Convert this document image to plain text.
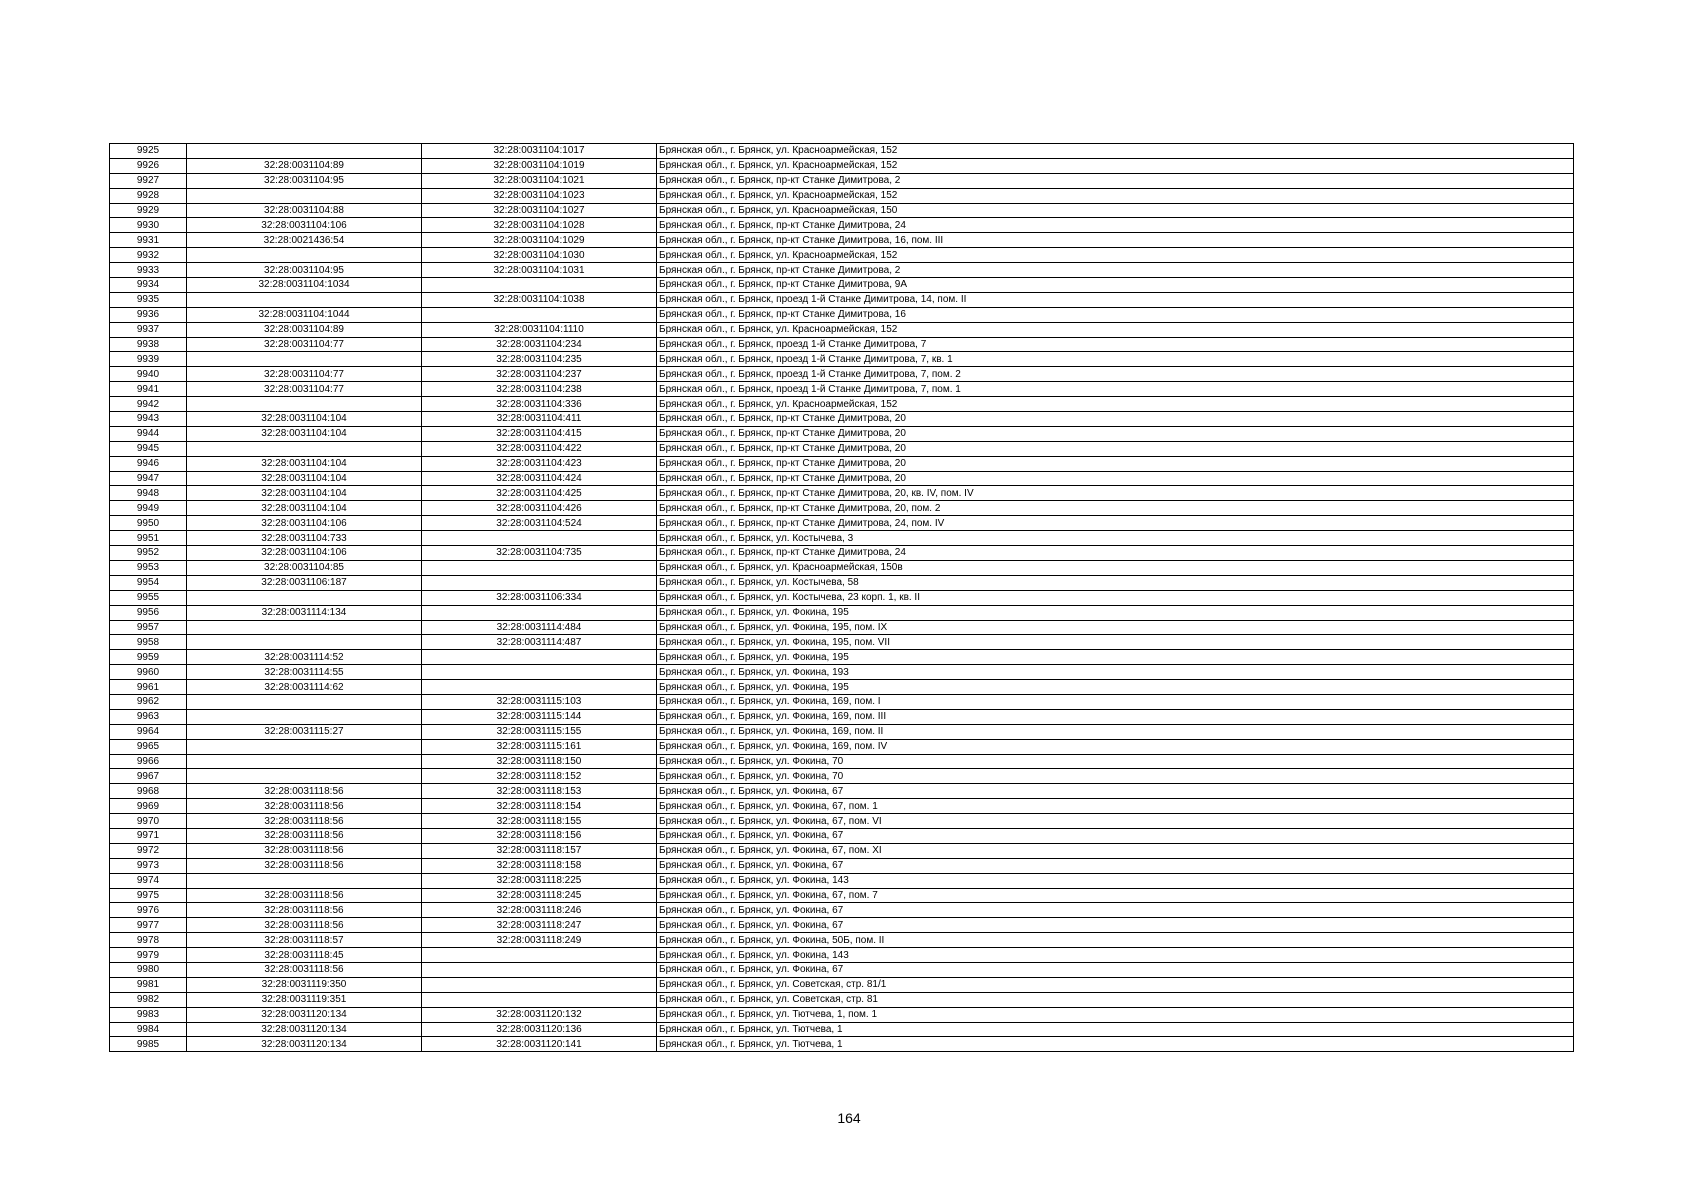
9925		32:28:0031104:1017	Брянская обл., г. Брянск, ул. Красноармейская, 152
9926	32:28:0031104:89	32:28:0031104:1019	Брянская обл., г. Брянск, ул. Красноармейская, 152
9927	32:28:0031104:95	32:28:0031104:1021	Брянская обл., г. Брянск, пр-кт Станке Димитрова, 2
9928		32:28:0031104:1023	Брянская обл., г. Брянск, ул. Красноармейская, 152
9929	32:28:0031104:88	32:28:0031104:1027	Брянская обл., г. Брянск, ул. Красноармейская, 150
9930	32:28:0031104:106	32:28:0031104:1028	Брянская обл., г. Брянск, пр-кт Станке Димитрова, 24
9931	32:28:0021436:54	32:28:0031104:1029	Брянская обл., г. Брянск, пр-кт Станке Димитрова, 16, пом. III
9932		32:28:0031104:1030	Брянская обл., г. Брянск, ул. Красноармейская, 152
9933	32:28:0031104:95	32:28:0031104:1031	Брянская обл., г. Брянск, пр-кт Станке Димитрова, 2
9934	32:28:0031104:1034		Брянская обл., г. Брянск, пр-кт Станке Димитрова, 9А
9935		32:28:0031104:1038	Брянская обл., г. Брянск, проезд 1-й Станке Димитрова, 14, пом. II
9936	32:28:0031104:1044		Брянская обл., г. Брянск, пр-кт Станке Димитрова, 16
9937	32:28:0031104:89	32:28:0031104:1110	Брянская обл., г. Брянск, ул. Красноармейская, 152
9938	32:28:0031104:77	32:28:0031104:234	Брянская обл., г. Брянск, проезд 1-й Станке Димитрова, 7
9939		32:28:0031104:235	Брянская обл., г. Брянск, проезд 1-й Станке Димитрова, 7, кв. 1
9940	32:28:0031104:77	32:28:0031104:237	Брянская обл., г. Брянск, проезд 1-й Станке Димитрова, 7, пом. 2
9941	32:28:0031104:77	32:28:0031104:238	Брянская обл., г. Брянск, проезд 1-й Станке Димитрова, 7, пом. 1
9942		32:28:0031104:336	Брянская обл., г. Брянск, ул. Красноармейская, 152
9943	32:28:0031104:104	32:28:0031104:411	Брянская обл., г. Брянск, пр-кт Станке Димитрова, 20
9944	32:28:0031104:104	32:28:0031104:415	Брянская обл., г. Брянск, пр-кт Станке Димитрова, 20
9945		32:28:0031104:422	Брянская обл., г. Брянск, пр-кт Станке Димитрова, 20
9946	32:28:0031104:104	32:28:0031104:423	Брянская обл., г. Брянск, пр-кт Станке Димитрова, 20
9947	32:28:0031104:104	32:28:0031104:424	Брянская обл., г. Брянск, пр-кт Станке Димитрова, 20
9948	32:28:0031104:104	32:28:0031104:425	Брянская обл., г. Брянск, пр-кт Станке Димитрова, 20, кв. IV, пом. IV
9949	32:28:0031104:104	32:28:0031104:426	Брянская обл., г. Брянск, пр-кт Станке Димитрова, 20, пом. 2
9950	32:28:0031104:106	32:28:0031104:524	Брянская обл., г. Брянск, пр-кт Станке Димитрова, 24, пом. IV
9951	32:28:0031104:733		Брянская обл., г. Брянск, ул. Костычева, 3
9952	32:28:0031104:106	32:28:0031104:735	Брянская обл., г. Брянск, пр-кт Станке Димитрова, 24
9953	32:28:0031104:85		Брянская обл., г. Брянск, ул. Красноармейская, 150в
9954	32:28:0031106:187		Брянская обл., г. Брянск, ул. Костычева, 58
9955		32:28:0031106:334	Брянская обл., г. Брянск, ул. Костычева, 23 корп. 1, кв. II
9956	32:28:0031114:134		Брянская обл., г. Брянск, ул. Фокина, 195
9957		32:28:0031114:484	Брянская обл., г. Брянск, ул. Фокина, 195, пом. IX
9958		32:28:0031114:487	Брянская обл., г. Брянск, ул. Фокина, 195, пом. VII
9959	32:28:0031114:52		Брянская обл., г. Брянск, ул. Фокина, 195
9960	32:28:0031114:55		Брянская обл., г. Брянск, ул. Фокина, 193
9961	32:28:0031114:62		Брянская обл., г. Брянск, ул. Фокина, 195
9962		32:28:0031115:103	Брянская обл., г. Брянск, ул. Фокина, 169, пом. I
9963		32:28:0031115:144	Брянская обл., г. Брянск, ул. Фокина, 169, пом. III
9964	32:28:0031115:27	32:28:0031115:155	Брянская обл., г. Брянск, ул. Фокина, 169, пом. II
9965		32:28:0031115:161	Брянская обл., г. Брянск, ул. Фокина, 169, пом. IV
9966		32:28:0031118:150	Брянская обл., г. Брянск, ул. Фокина, 70
9967		32:28:0031118:152	Брянская обл., г. Брянск, ул. Фокина, 70
9968	32:28:0031118:56	32:28:0031118:153	Брянская обл., г. Брянск, ул. Фокина, 67
9969	32:28:0031118:56	32:28:0031118:154	Брянская обл., г. Брянск, ул. Фокина, 67, пом. 1
9970	32:28:0031118:56	32:28:0031118:155	Брянская обл., г. Брянск, ул. Фокина, 67, пом. VI
9971	32:28:0031118:56	32:28:0031118:156	Брянская обл., г. Брянск, ул. Фокина, 67
9972	32:28:0031118:56	32:28:0031118:157	Брянская обл., г. Брянск, ул. Фокина, 67, пом. XI
9973	32:28:0031118:56	32:28:0031118:158	Брянская обл., г. Брянск, ул. Фокина, 67
9974		32:28:0031118:225	Брянская обл., г. Брянск, ул. Фокина, 143
9975	32:28:0031118:56	32:28:0031118:245	Брянская обл., г. Брянск, ул. Фокина, 67, пом. 7
9976	32:28:0031118:56	32:28:0031118:246	Брянская обл., г. Брянск, ул. Фокина, 67
9977	32:28:0031118:56	32:28:0031118:247	Брянская обл., г. Брянск, ул. Фокина, 67
9978	32:28:0031118:57	32:28:0031118:249	Брянская обл., г. Брянск, ул. Фокина, 50Б, пом. II
9979	32:28:0031118:45		Брянская обл., г. Брянск, ул. Фокина, 143
9980	32:28:0031118:56		Брянская обл., г. Брянск, ул. Фокина, 67
9981	32:28:0031119:350		Брянская обл., г. Брянск, ул. Советская, стр. 81/1
9982	32:28:0031119:351		Брянская обл., г. Брянск, ул. Советская, стр. 81
9983	32:28:0031120:134	32:28:0031120:132	Брянская обл., г. Брянск, ул. Тютчева, 1, пом. 1
9984	32:28:0031120:134	32:28:0031120:136	Брянская обл., г. Брянск, ул. Тютчева, 1
9985	32:28:0031120:134	32:28:0031120:141	Брянская обл., г. Брянск, ул. Тютчева, 1
164
